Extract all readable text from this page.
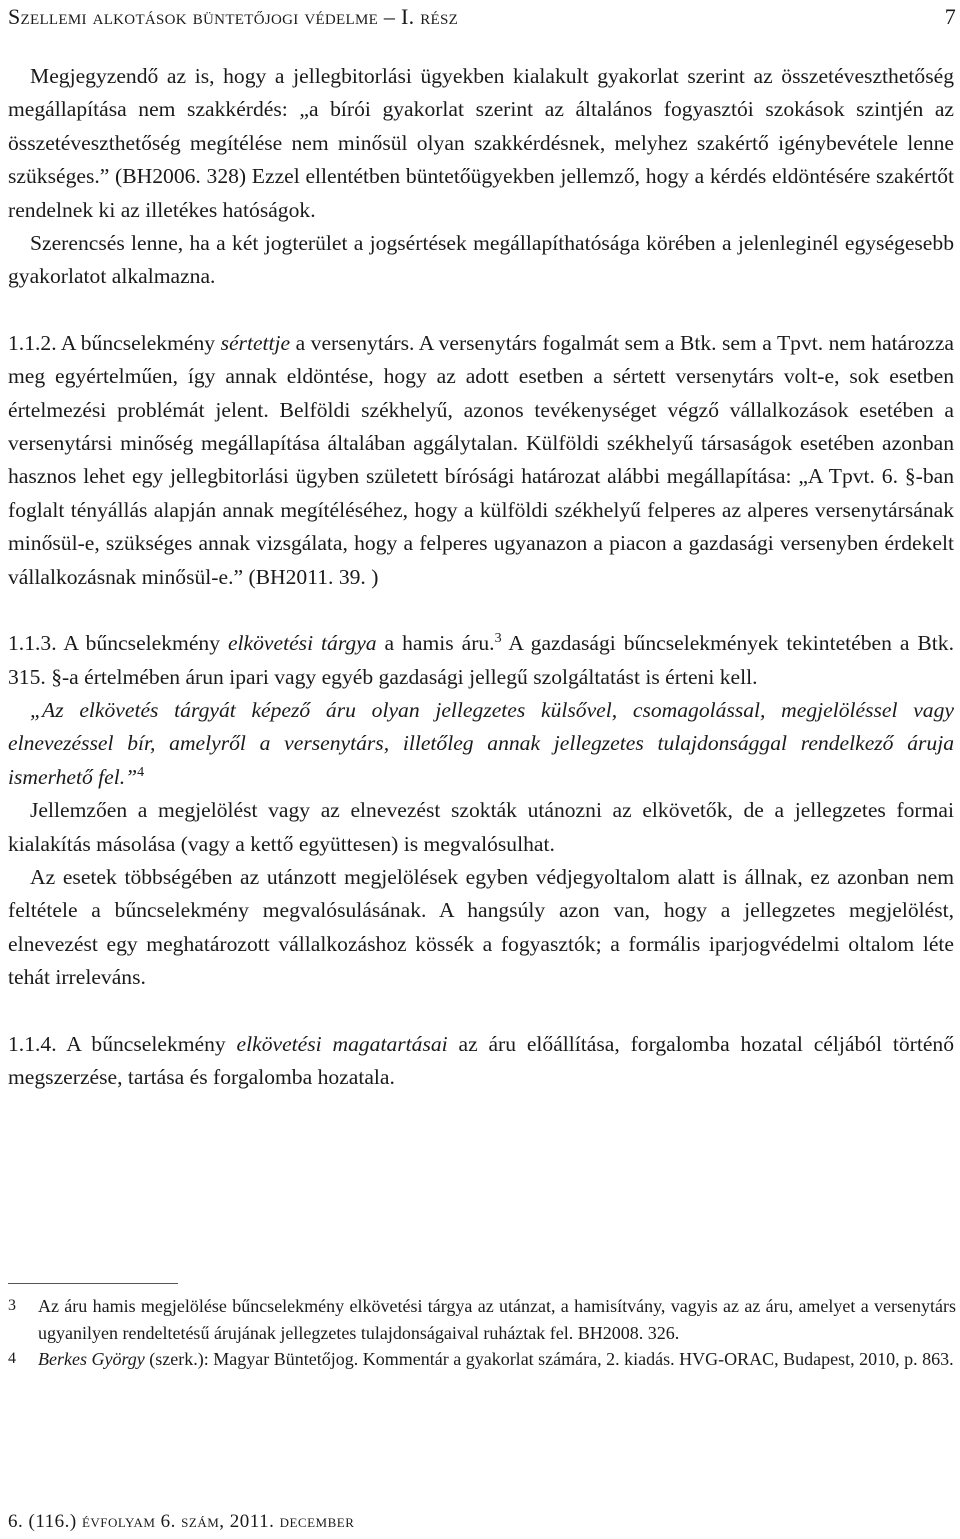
Szellemi alkotások büntetőjogi védelme – I. rész	7

Megjegyzendő az is, hogy a jellegbitorlási ügyekben kialakult gyakorlat szerint az összetéveszthetőség megállapítása nem szakkérdés: „a bírói gyakorlat szerint az általános fogyasztói szokások szintjén az összetéveszthetőség megítélése nem minősül olyan szakkérdésnek, melyhez szakértő igénybevétele lenne szükséges.” (BH2006. 328) Ezzel ellentétben büntetőügyekben jellemző, hogy a kérdés eldöntésére szakértőt rendelnek ki az illetékes hatóságok.

Szerencsés lenne, ha a két jogterület a jogsértések megállapíthatósága körében a jelenleginél egységesebb gyakorlatot alkalmazna.

1.1.2. A bűncselekmény sértettje a versenytárs. A versenytárs fogalmát sem a Btk. sem a Tpvt. nem határozza meg egyértelműen, így annak eldöntése, hogy az adott esetben a sértett versenytárs volt-e, sok esetben értelmezési problémát jelent. Belföldi székhelyű, azonos tevékenységet végző vállalkozások esetében a versenytársi minőség megállapítása általában aggálytalan. Külföldi székhelyű társaságok esetében azonban hasznos lehet egy jellegbitorlási ügyben született bírósági határozat alábbi megállapítása: „A Tpvt. 6. §-ban foglalt tényállás alapján annak megítéléséhez, hogy a külföldi székhelyű felperes az alperes versenytársának minősül-e, szükséges annak vizsgálata, hogy a felperes ugyanazon a piacon a gazdasági versenyben érdekelt vállalkozásnak minősül-e.” (BH2011. 39. )

1.1.3. A bűncselekmény elkövetési tárgya a hamis áru.$^3$ A gazdasági bűncselekmények tekintetében a Btk. 315. §-a értelmében árun ipari vagy egyéb gazdasági jellegű szolgáltatást is érteni kell.

„Az elkövetés tárgyát képező áru olyan jellegzetes külsővel, csomagolással, megjelöléssel vagy elnevezéssel bír, amelyről a versenytárs, illetőleg annak jellegzetes tulajdonsággal rendelkező áruja ismerhető fel.”$^4$

Jellemzően a megjelölést vagy az elnevezést szokták utánozni az elkövetők, de a jellegzetes formai kialakítás másolása (vagy a kettő együttesen) is megvalósulhat.

Az esetek többségében az utánzott megjelölések egyben védjegyoltalom alatt is állnak, ez azonban nem feltétele a bűncselekmény megvalósulásának. A hangsúly azon van, hogy a jellegzetes megjelölést, elnevezést egy meghatározott vállalkozáshoz kössék a fogyasztók; a formális iparjogvédelmi oltalom léte tehát irreleváns.

1.1.4. A bűncselekmény elkövetési magatartásai az áru előállítása, forgalomba hozatal céljából történő megszerzése, tartása és forgalomba hozatala.

3 Az áru hamis megjelölése bűncselekmény elkövetési tárgya az utánzat, a hamisítvány, vagyis az az áru, amelyet a versenytárs ugyanilyen rendeltetésű árujának jellegzetes tulajdonságaival ruháztak fel. BH2008. 326.
4 Berkes György (szerk.): Magyar Büntetőjog. Kommentár a gyakorlat számára, 2. kiadás. HVG-ORAC, Budapest, 2010, p. 863.
6. (116.) évfolyam 6. szám, 2011. december
